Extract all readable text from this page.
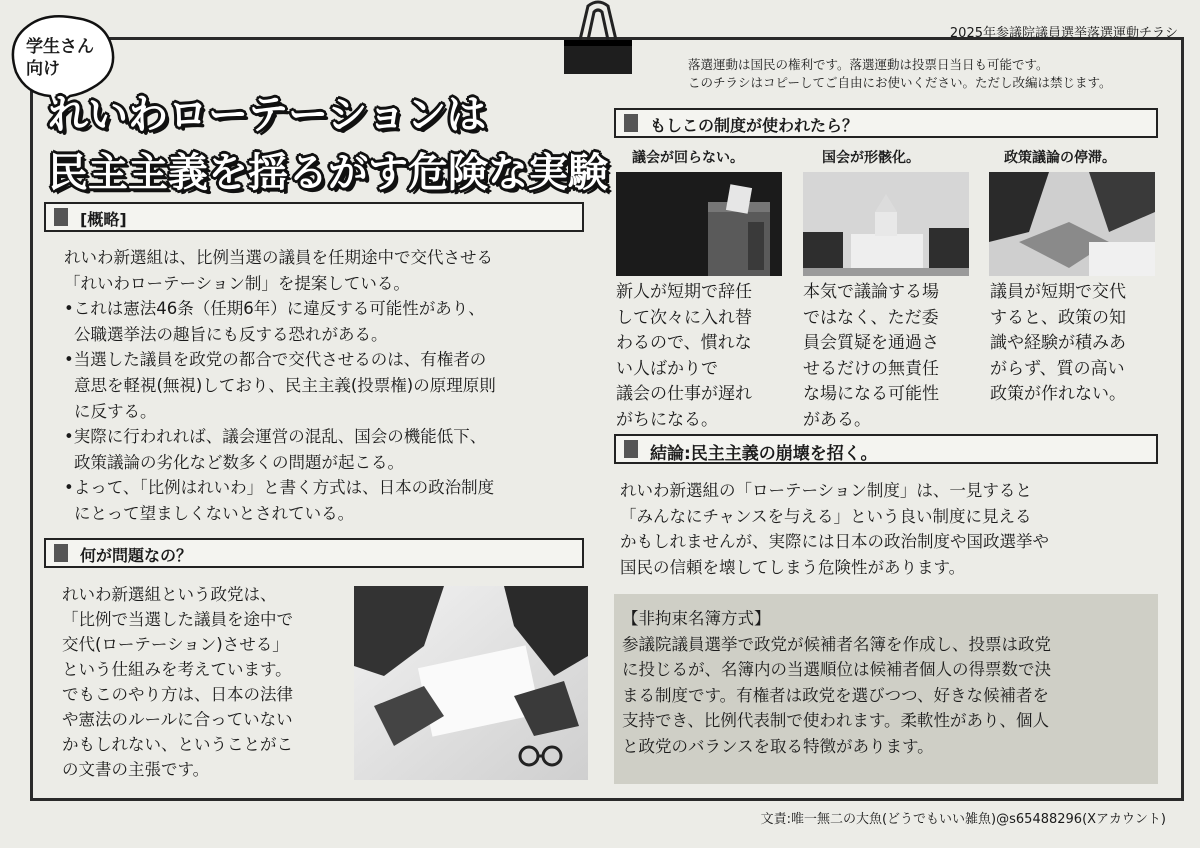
2025年参議院議員選挙落選運動チラシ
落選運動は国民の権利です。落選運動は投票日当日も可能です。
このチラシはコピーしてご自由にお使いください。ただし改編は禁じます。
学生さん
向け
れいわローテーションは
民主主義を揺るがす危険な実験
[概略]
れいわ新選組は、比例当選の議員を任期途中で交代させる
「れいわローテーション制」を提案している。
•これは憲法46条（任期6年）に違反する可能性があり、
公職選挙法の趣旨にも反する恐れがある。
•当選した議員を政党の都合で交代させるのは、有権者の
意思を軽視(無視)しており、民主主義(投票権)の原理原則
に反する。
•実際に行われれば、議会運営の混乱、国会の機能低下、
政策議論の劣化など数多くの問題が起こる。
•よって、「比例はれいわ」と書く方式は、日本の政治制度
にとって望ましくないとされている。
何が問題なの？
れいわ新選組という政党は、
「比例で当選した議員を途中で
交代(ローテーション)させる」
という仕組みを考えています。
でもこのやり方は、日本の法律
や憲法のルールに合っていない
かもしれない、ということがこ
の文書の主張です。
もしこの制度が使われたら？
議会が回らない。	国会が形骸化。	政策議論の停滞。
新人が短期で辞任
して次々に入れ替
わるので、慣れな
い人ばかりで
議会の仕事が遅れ
がちになる。
本気で議論する場
ではなく、ただ委
員会質疑を通過さ
せるだけの無責任
な場になる可能性
がある。
議員が短期で交代
すると、政策の知
識や経験が積みあ
がらず、質の高い
政策が作れない。
結論:民主主義の崩壊を招く。
れいわ新選組の「ローテーション制度」は、一見すると
「みんなにチャンスを与える」という良い制度に見える
かもしれませんが、実際には日本の政治制度や国政選挙や
国民の信頼を壊してしまう危険性があります。
【非拘束名簿方式】
参議院議員選挙で政党が候補者名簿を作成し、投票は政党
に投じるが、名簿内の当選順位は候補者個人の得票数で決
まる制度です。有権者は政党を選びつつ、好きな候補者を
支持でき、比例代表制で使われます。柔軟性があり、個人
と政党のバランスを取る特徴があります。
文責:唯一無二の大魚(どうでもいい雑魚)@s65488296(Xアカウント)
